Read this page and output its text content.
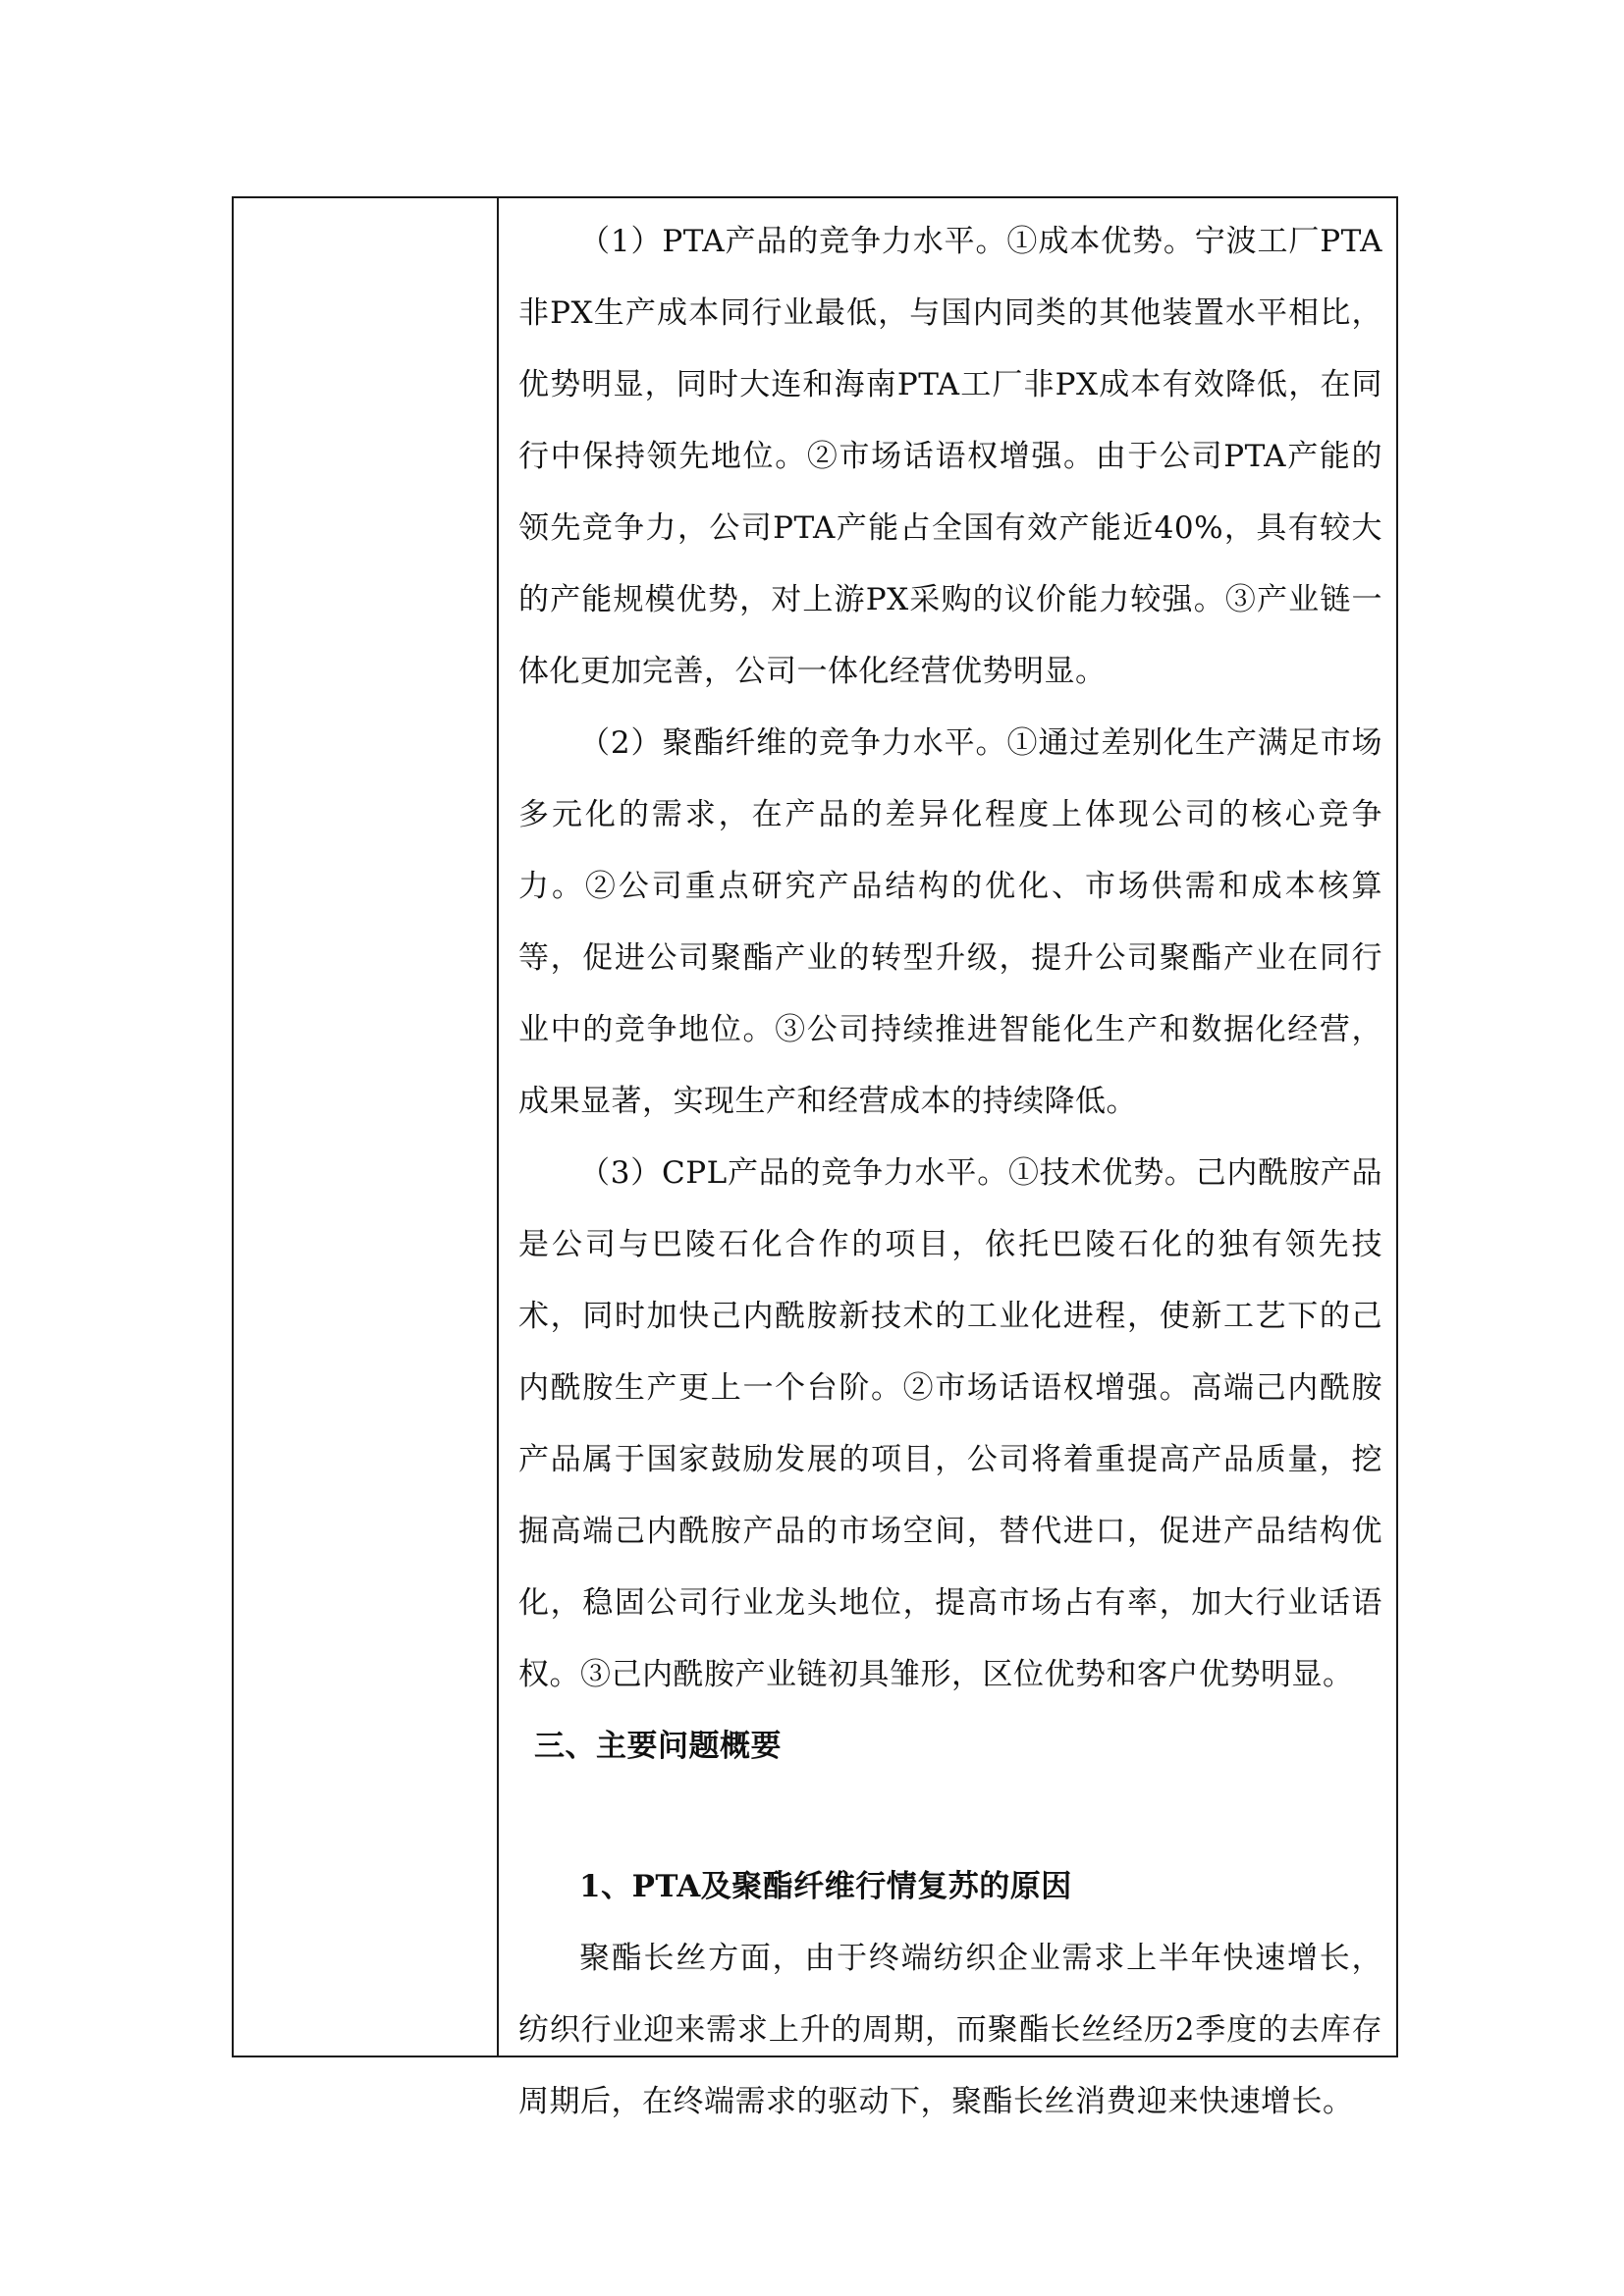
（1）PTA产品的竞争力水平。①成本优势。宁波工厂PTA非PX生产成本同行业最低，与国内同类的其他装置水平相比，优势明显，同时大连和海南PTA工厂非PX成本有效降低，在同行中保持领先地位。②市场话语权增强。由于公司PTA产能的领先竞争力，公司PTA产能占全国有效产能近40%，具有较大的产能规模优势，对上游PX采购的议价能力较强。③产业链一体化更加完善，公司一体化经营优势明显。

（2）聚酯纤维的竞争力水平。①通过差别化生产满足市场多元化的需求，在产品的差异化程度上体现公司的核心竞争力。②公司重点研究产品结构的优化、市场供需和成本核算等，促进公司聚酯产业的转型升级，提升公司聚酯产业在同行业中的竞争地位。③公司持续推进智能化生产和数据化经营，成果显著，实现生产和经营成本的持续降低。

（3）CPL产品的竞争力水平。①技术优势。己内酰胺产品是公司与巴陵石化合作的项目，依托巴陵石化的独有领先技术，同时加快己内酰胺新技术的工业化进程，使新工艺下的己内酰胺生产更上一个台阶。②市场话语权增强。高端己内酰胺产品属于国家鼓励发展的项目，公司将着重提高产品质量，挖掘高端己内酰胺产品的市场空间，替代进口，促进产品结构优化，稳固公司行业龙头地位，提高市场占有率，加大行业话语权。③己内酰胺产业链初具雏形，区位优势和客户优势明显。

三、主要问题概要

1、PTA及聚酯纤维行情复苏的原因

聚酯长丝方面，由于终端纺织企业需求上半年快速增长，纺织行业迎来需求上升的周期，而聚酯长丝经历2季度的去库存周期后，在终端需求的驱动下，聚酯长丝消费迎来快速增长。
